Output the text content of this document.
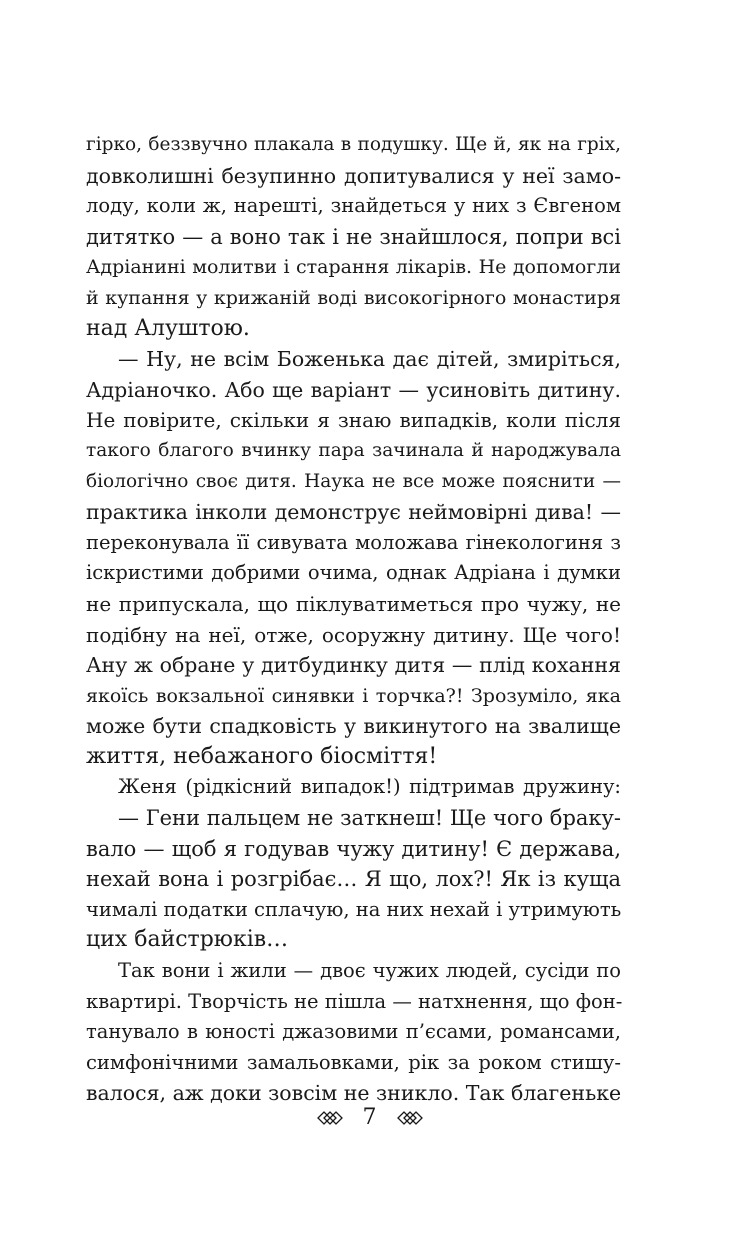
гірко, беззвучно плакала в подушку. Ще й, як на гріх,
довколишні безупинно допитувалися у неї замо-
лоду, коли ж, нарешті, знайдеться у них з Євгеном
дитятко — а воно так і не знайшлося, попри всі
Адріанині молитви і старання лікарів. Не допомогли
й купання у крижаній воді високогірного монастиря
над Алуштою.
— Ну, не всім Боженька дає дітей, змиріться,
Адріаночко. Або ще варіант — усиновіть дитину.
Не повірите, скільки я знаю випадків, коли після
такого благого вчинку пара зачинала й народжувала
біологічно своє дитя. Наука не все може пояснити —
практика інколи демонструє неймовірні дива! —
переконувала її сивувата моложава гінекологиня з
іскристими добрими очима, однак Адріана і думки
не припускала, що піклуватиметься про чужу, не
подібну на неї, отже, осоружну дитину. Ще чого!
Ану ж обране у дитбудинку дитя — плід кохання
якоїсь вокзальної синявки і торчка?! Зрозуміло, яка
може бути спадковість у викинутого на звалище
життя, небажаного біосміття!
Женя (рідкісний випадок!) підтримав дружину:
— Гени пальцем не заткнеш! Ще чого браку-
вало — щоб я годував чужу дитину! Є держава,
нехай вона і розгрібає… Я що, лох?! Як із куща
чималі податки сплачую, на них нехай і утримують
цих байстрюків…
Так вони і жили — двоє чужих людей, сусіди по
квартирі. Творчість не пішла — натхнення, що фон-
танувало в юності джазовими п’єсами, романсами,
симфонічними замальовками, рік за роком стишу-
валося, аж доки зовсім не зникло. Так благеньке
7
